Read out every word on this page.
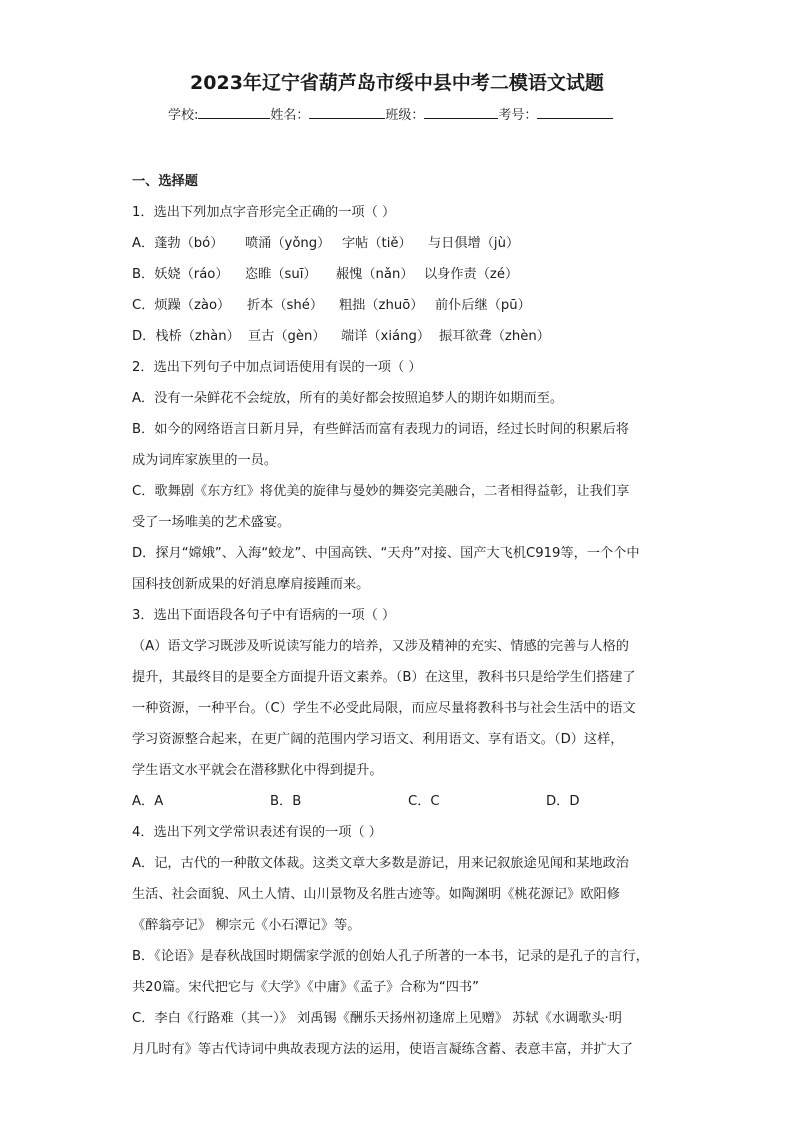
2023年辽宁省葫芦岛市绥中县中考二模语文试题
学校:	姓名：	班级：	考号：
一、选择题
1．选出下列加点字音形完全正确的一项（ ）
A．蓬勃（bó）	喷涌（yǒng） 字帖（tiě）	与日俱增（jù）
B．妖娆（ráo）	恣睢（suī）	赧愧（nǎn） 以身作责（zé）
C．烦躁（zào）	折本（shé）	粗拙（zhuō） 前仆后继（pū）
D．栈桥（zhàn） 亘古（gèn）	端详（xiáng） 振耳欲聋（zhèn）
2．选出下列句子中加点词语使用有误的一项（ ）
A．没有一朵鲜花不会绽放，所有的美好都会按照追梦人的期许如期而至。
B．如今的网络语言日新月异，有些鲜活而富有表现力的词语，经过长时间的积累后将
成为词库家族里的一员。
C．歌舞剧《东方红》将优美的旋律与曼妙的舞姿完美融合，二者相得益彰，让我们享
受了一场唯美的艺术盛宴。
D．探月“嫦娥”、入海“蛟龙”、中国高铁、“天舟”对接、国产大飞机C919等，一个个中
国科技创新成果的好消息摩肩接踵而来。
3．选出下面语段各句子中有语病的一项（ ）
（A）语文学习既涉及听说读写能力的培养，又涉及精神的充实、情感的完善与人格的
提升，其最终目的是要全方面提升语文素养。（B）在这里，教科书只是给学生们搭建了
一种资源，一种平台。（C）学生不必受此局限，而应尽量将教科书与社会生活中的语文
学习资源整合起来，在更广阔的范围内学习语文、利用语文、享有语文。（D）这样，
学生语文水平就会在潜移默化中得到提升。
A．A	B．B	C．C	D．D
4．选出下列文学常识表述有误的一项（ ）
A．记，古代的一种散文体裁。这类文章大多数是游记，用来记叙旅途见闻和某地政治
生活、社会面貌、风土人情、山川景物及名胜古迹等。如陶渊明《桃花源记》欧阳修
《醉翁亭记》 柳宗元《小石潭记》等。
B．《论语》是春秋战国时期儒家学派的创始人孔子所著的一本书，记录的是孔子的言行，
共20篇。宋代把它与《大学》《中庸》《孟子》合称为“四书”
C．李白《行路难（其一）》 刘禹锡《酬乐天扬州初逢席上见赠》 苏轼《水调歌头·明
月几时有》等古代诗词中典故表现方法的运用，使语言凝练含蓄、表意丰富，并扩大了
